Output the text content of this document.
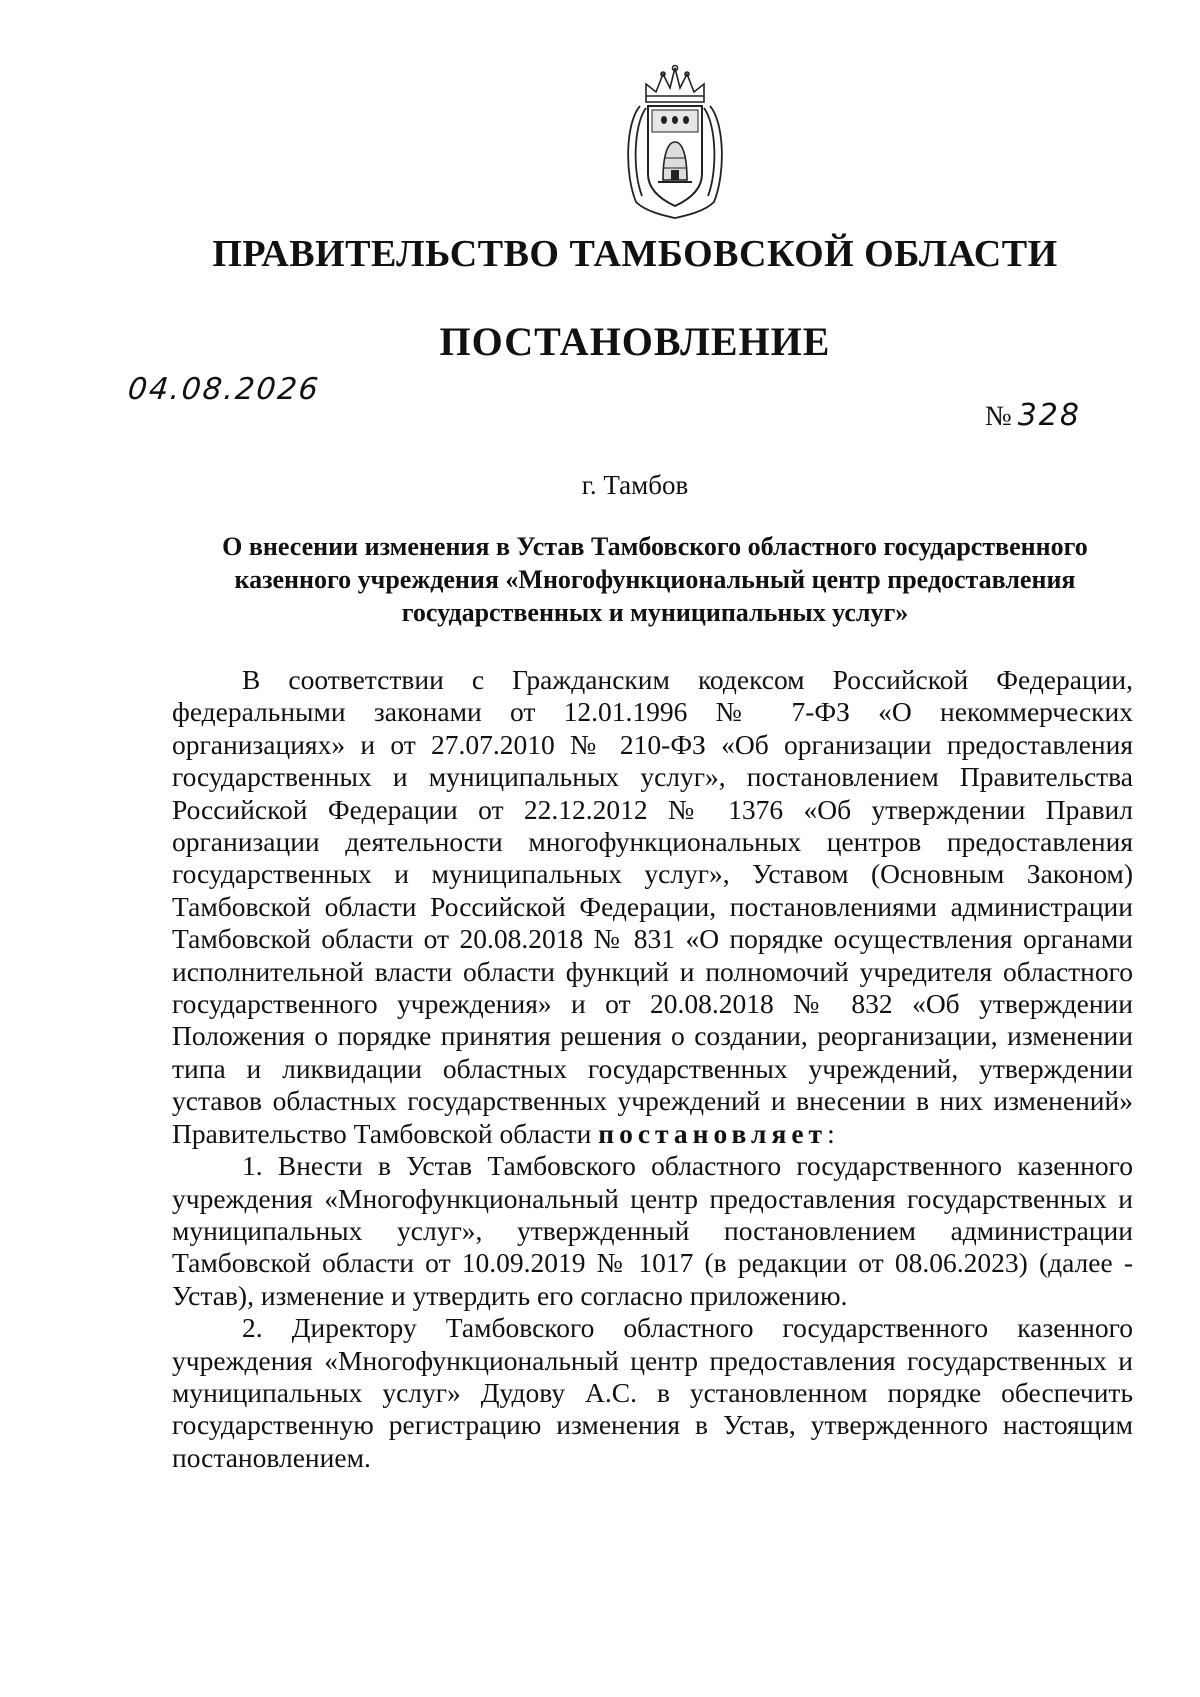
ПРАВИТЕЛЬСТВО ТАМБОВСКОЙ ОБЛАСТИ
ПОСТАНОВЛЕНИЕ
04.08.2026
№ 328
г. Тамбов
О внесении изменения в Устав Тамбовского областного государственного казенного учреждения «Многофункциональный центр предоставления государственных и муниципальных услуг»

В соответствии с Гражданским кодексом Российской Федерации, федеральными законами от 12.01.1996 № 7-ФЗ «О некоммерческих организациях» и от 27.07.2010 № 210-ФЗ «Об организации предоставления государственных и муниципальных услуг», постановлением Правительства Российской Федерации от 22.12.2012 № 1376 «Об утверждении Правил организации деятельности многофункциональных центров предоставления государственных и муниципальных услуг», Уставом (Основным Законом) Тамбовской области Российской Федерации, постановлениями администрации Тамбовской области от 20.08.2018 № 831 «О порядке осуществления органами исполнительной власти области функций и полномочий учредителя областного государственного учреждения» и от 20.08.2018 № 832 «Об утверждении Положения о порядке принятия решения о создании, реорганизации, изменении типа и ликвидации областных государственных учреждений, утверждении уставов областных государственных учреждений и внесении в них изменений» Правительство Тамбовской области постановляет:

1. Внести в Устав Тамбовского областного государственного казенного учреждения «Многофункциональный центр предоставления государственных и муниципальных услуг», утвержденный постановлением администрации Тамбовской области от 10.09.2019 № 1017 (в редакции от 08.06.2023) (далее - Устав), изменение и утвердить его согласно приложению.

2. Директору Тамбовского областного государственного казенного учреждения «Многофункциональный центр предоставления государственных и муниципальных услуг» Дудову А.С. в установленном порядке обеспечить государственную регистрацию изменения в Устав, утвержденного настоящим постановлением.
